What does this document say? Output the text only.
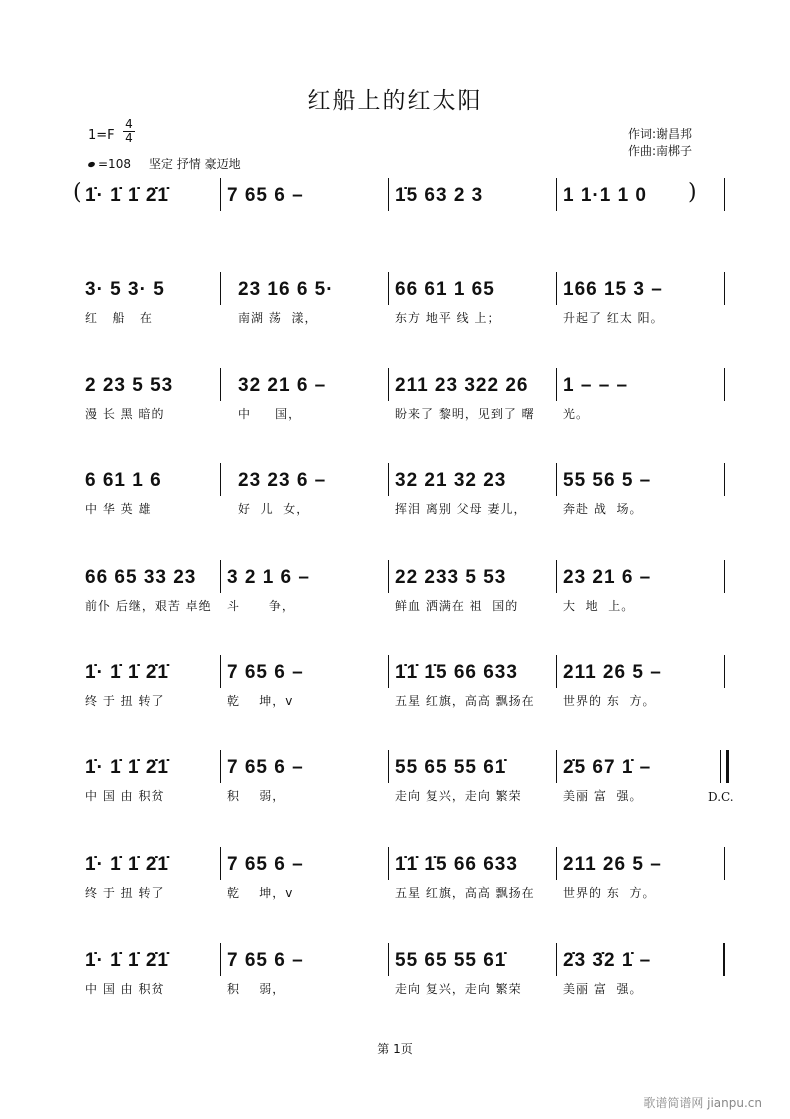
红船上的红太阳
1=F
4
4
=108 坚定 抒情 豪迈地
作词:谢昌邦
作曲:南梆子
( 1̇· 1̇ 1̇ 2̇1̇	7 65 6 –	1̇5 63 2 3	1 1·1 1 0 )
3· 5 3· 5
红   船   在
23 16 6 5·
南湖 荡  漾，
66 61 1 65
东方 地平 线 上；
166 15 3 –
升起了 红太 阳。
2 23 5 53
漫 长 黑 暗的
32 21 6 –
中     国，
211 23 322 26
盼来了 黎明，见到了 曙
1 – – –
光。
6 61 1 6
中 华 英 雄
23 23 6 –
好  儿  女，
32 21 32 23
挥泪 离别 父母 妻儿，
55 56 5 –
奔赴 战  场。
66 65 33 23
前仆 后继，艰苦 卓绝
3 2 1 6 –
斗      争，
22 233 5 53
鲜血 洒满在 祖  国的
23 21 6 –
大  地  上。
1̇· 1̇ 1̇ 2̇1̇
终 于 扭 转了
7 65 6 –
乾    坤，v
1̇1̇ 1̇5 66 633
五星 红旗，高高 飘扬在
211 26 5 –
世界的 东  方。
1̇· 1̇ 1̇ 2̇1̇
中 国 由 积贫
7 65 6 –
积    弱，
55 65 55 61̇
走向 复兴，走向 繁荣
2̇5 67 1̇ –
美丽 富  强。	D.C.
1̇· 1̇ 1̇ 2̇1̇
终 于 扭 转了
7 65 6 –
乾    坤，v
1̇1̇ 1̇5 66 633
五星 红旗，高高 飘扬在
211 26 5 –
世界的 东  方。
1̇· 1̇ 1̇ 2̇1̇
中 国 由 积贫
7 65 6 –
积    弱，
55 65 55 61̇
走向 复兴，走向 繁荣
2̇3 3̇2 1̇ –
美丽 富  强。
第 1页
歌谱简谱网 jianpu.cn
